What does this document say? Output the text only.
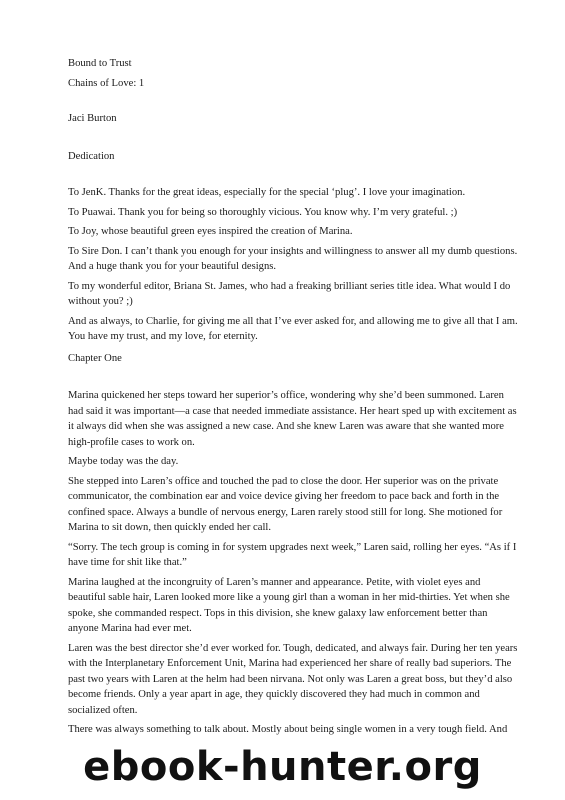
Bound to Trust

Chains of Love: 1

Jaci Burton

Dedication

To JenK. Thanks for the great ideas, especially for the special ‘plug’. I love your imagination.

To Puawai. Thank you for being so thoroughly vicious. You know why. I’m very grateful. ;)

To Joy, whose beautiful green eyes inspired the creation of Marina.

To Sire Don. I can’t thank you enough for your insights and willingness to answer all my dumb questions. And a huge thank you for your beautiful designs.

To my wonderful editor, Briana St. James, who had a freaking brilliant series title idea. What would I do without you? ;)

And as always, to Charlie, for giving me all that I’ve ever asked for, and allowing me to give all that I am. You have my trust, and my love, for eternity.

Chapter One

Marina quickened her steps toward her superior’s office, wondering why she’d been summoned. Laren had said it was important—a case that needed immediate assistance. Her heart sped up with excitement as it always did when she was assigned a new case. And she knew Laren was aware that she wanted more high-profile cases to work on.

Maybe today was the day.

She stepped into Laren’s office and touched the pad to close the door. Her superior was on the private communicator, the combination ear and voice device giving her freedom to pace back and forth in the confined space. Always a bundle of nervous energy, Laren rarely stood still for long. She motioned for Marina to sit down, then quickly ended her call.

“Sorry. The tech group is coming in for system upgrades next week,” Laren said, rolling her eyes. “As if I have time for shit like that.”

Marina laughed at the incongruity of Laren’s manner and appearance. Petite, with violet eyes and beautiful sable hair, Laren looked more like a young girl than a woman in her mid-thirties. Yet when she spoke, she commanded respect. Tops in this division, she knew galaxy law enforcement better than anyone Marina had ever met.

Laren was the best director she’d ever worked for. Tough, dedicated, and always fair. During her ten years with the Interplanetary Enforcement Unit, Marina had experienced her share of really bad superiors. The past two years with Laren at the helm had been nirvana. Not only was Laren a great boss, but they’d also become friends. Only a year apart in age, they quickly discovered they had much in common and socialized often.

There was always something to talk about. Mostly about being single women in a very tough field. And

ebook-hunter.org
